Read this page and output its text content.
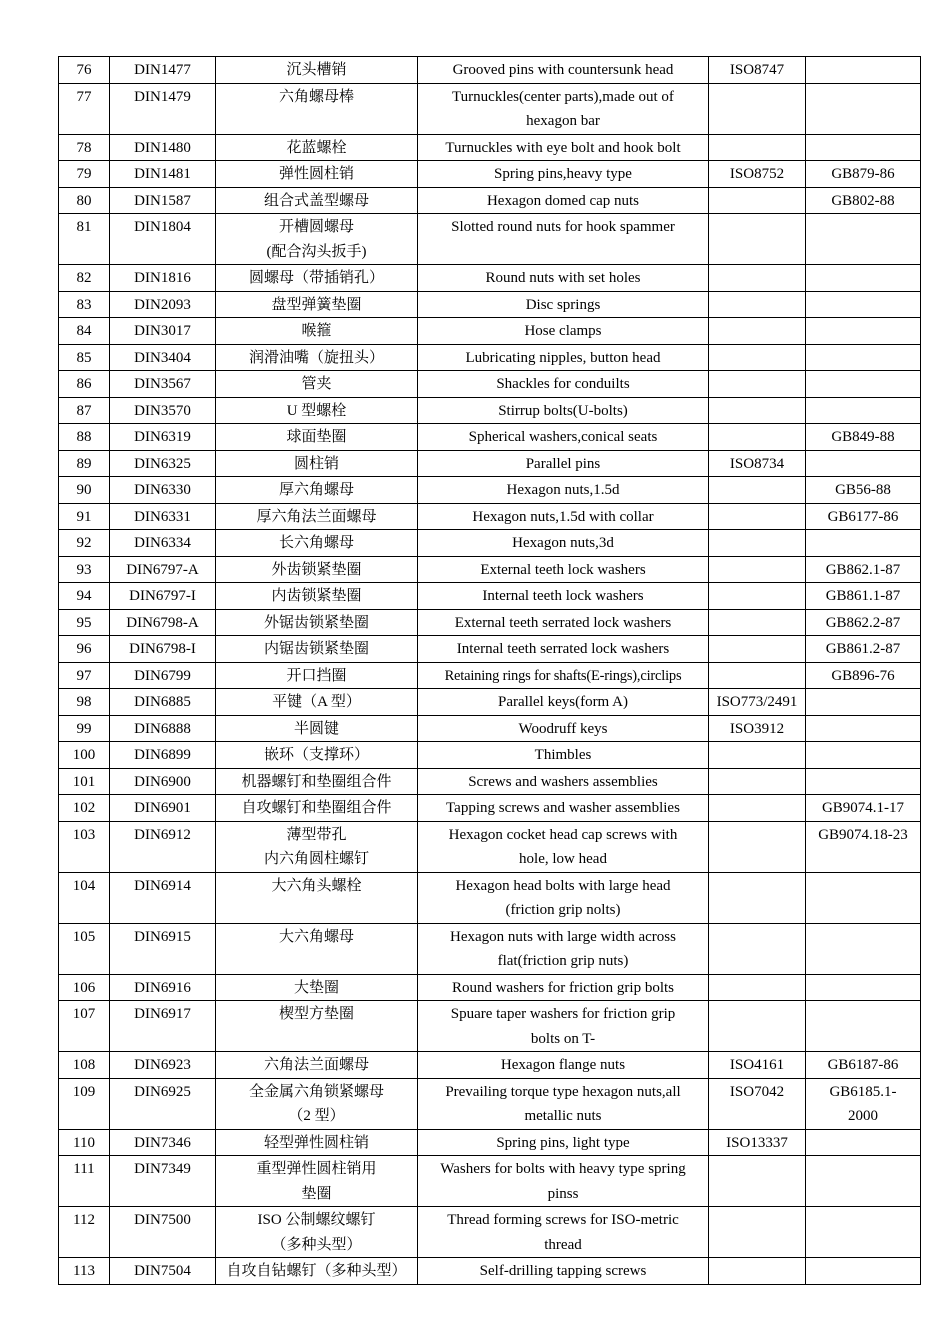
76	DIN1477	沉头槽销	Grooved pins with countersunk head	ISO8747	
77	DIN1479	六角螺母棒	Turnuckles(center parts),made out of
hexagon bar		
78	DIN1480	花蓝螺栓	Turnuckles with eye bolt and hook bolt		
79	DIN1481	弹性圆柱销	Spring pins,heavy type	ISO8752	GB879-86
80	DIN1587	组合式盖型螺母	Hexagon domed cap nuts		GB802-88
81	DIN1804	开槽圆螺母
(配合沟头扳手)	Slotted round nuts for hook spammer		
82	DIN1816	圆螺母（带插销孔）	Round nuts with set holes		
83	DIN2093	盘型弹簧垫圈	Disc springs		
84	DIN3017	喉箍	Hose clamps		
85	DIN3404	润滑油嘴（旋扭头）	Lubricating nipples, button head		
86	DIN3567	管夹	Shackles for conduilts		
87	DIN3570	U 型螺栓	Stirrup bolts(U-bolts)		
88	DIN6319	球面垫圈	Spherical washers,conical seats		GB849-88
89	DIN6325	圆柱销	Parallel pins	ISO8734	
90	DIN6330	厚六角螺母	Hexagon nuts,1.5d		GB56-88
91	DIN6331	厚六角法兰面螺母	Hexagon nuts,1.5d with collar		GB6177-86
92	DIN6334	长六角螺母	Hexagon nuts,3d		
93	DIN6797-A	外齿锁紧垫圈	External teeth lock washers		GB862.1-87
94	DIN6797-I	内齿锁紧垫圈	Internal teeth lock washers		GB861.1-87
95	DIN6798-A	外锯齿锁紧垫圈	External teeth serrated lock washers		GB862.2-87
96	DIN6798-I	内锯齿锁紧垫圈	Internal teeth serrated lock washers		GB861.2-87
97	DIN6799	开口挡圈	Retaining rings for shafts(E-rings),circlips		GB896-76
98	DIN6885	平键（A 型）	Parallel keys(form A)	ISO773/2491	
99	DIN6888	半圆键	Woodruff keys	ISO3912	
100	DIN6899	嵌环（支撑环）	Thimbles		
101	DIN6900	机器螺钉和垫圈组合件	Screws and washers assemblies		
102	DIN6901	自攻螺钉和垫圈组合件	Tapping screws and washer assemblies		GB9074.1-17
103	DIN6912	薄型带孔
内六角圆柱螺钉	Hexagon cocket head cap screws with
hole, low head		GB9074.18-23
104	DIN6914	大六角头螺栓	Hexagon head bolts with large head
(friction grip nolts)		
105	DIN6915	大六角螺母	Hexagon nuts with large width across
flat(friction grip nuts)		
106	DIN6916	大垫圈	Round washers for friction grip bolts		
107	DIN6917	楔型方垫圈	Spuare taper washers for friction grip
bolts on T-		
108	DIN6923	六角法兰面螺母	Hexagon flange nuts	ISO4161	GB6187-86
109	DIN6925	全金属六角锁紧螺母
（2 型）	Prevailing torque type hexagon nuts,all
metallic nuts	ISO7042	GB6185.1-
2000
110	DIN7346	轻型弹性圆柱销	Spring pins, light type	ISO13337	
111	DIN7349	重型弹性圆柱销用
垫圈	Washers for bolts with heavy type spring
pinss		
112	DIN7500	ISO 公制螺纹螺钉
（多种头型）	Thread forming screws for ISO-metric
thread		
113	DIN7504	自攻自钻螺钉（多种头型）	Self-drilling tapping screws		
